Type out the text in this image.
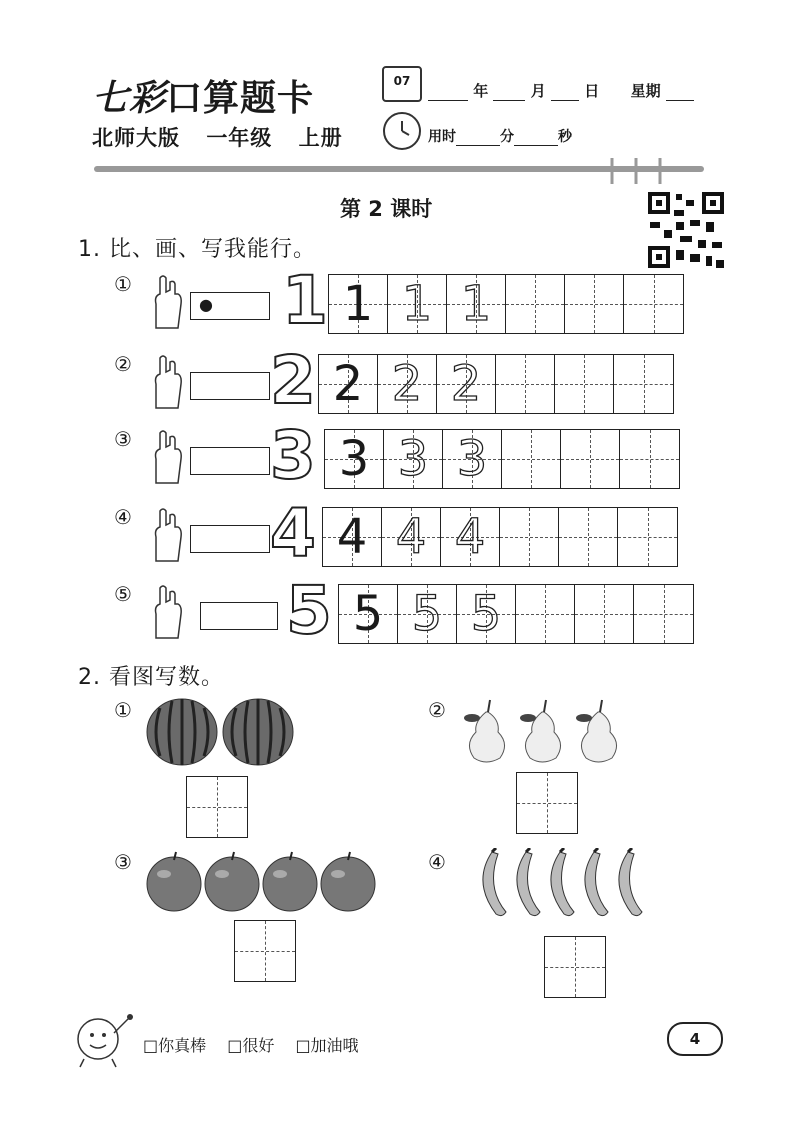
七彩口算题卡
北师大版 一年级 上册
07
年	月	日 星期
用时	分	秒
第 2 课时
1. 比、画、写我能行。
①
● 1 1 1 1
② 2 2 2 2
③ 3 3 3 3
④ 4 4 4 4
⑤ 5 5 5 5
2. 看图写数。
①	②
③	④
□你真棒 □很好 □加油哦	4
